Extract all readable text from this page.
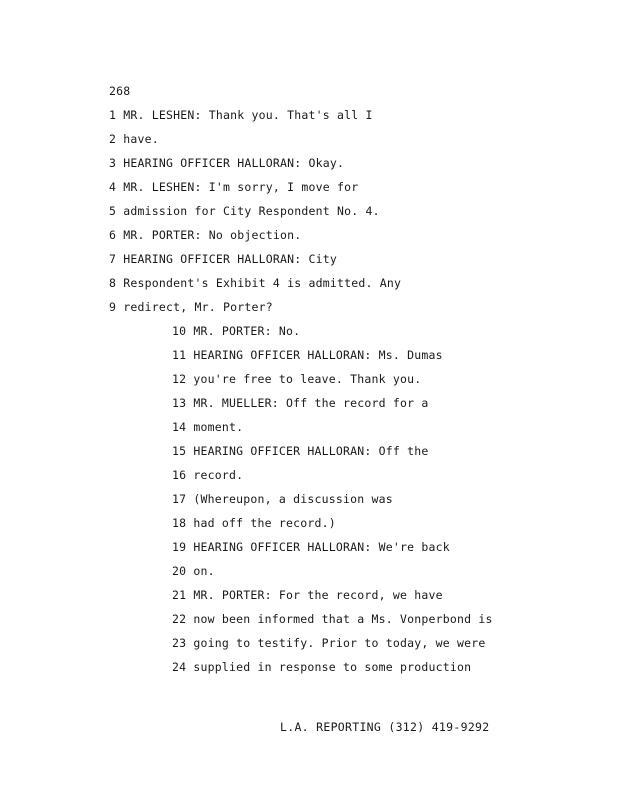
268
1 MR. LESHEN: Thank you. That's all I
2 have.
3 HEARING OFFICER HALLORAN: Okay.
4 MR. LESHEN: I'm sorry, I move for
5 admission for City Respondent No. 4.
6 MR. PORTER: No objection.
7 HEARING OFFICER HALLORAN: City
8 Respondent's Exhibit 4 is admitted. Any
9 redirect, Mr. Porter?
10 MR. PORTER: No.
11 HEARING OFFICER HALLORAN: Ms. Dumas
12 you're free to leave. Thank you.
13 MR. MUELLER: Off the record for a
14 moment.
15 HEARING OFFICER HALLORAN: Off the
16 record.
17 (Whereupon, a discussion was
18 had off the record.)
19 HEARING OFFICER HALLORAN: We're back
20 on.
21 MR. PORTER: For the record, we have
22 now been informed that a Ms. Vonperbond is
23 going to testify. Prior to today, we were
24 supplied in response to some production
L.A. REPORTING (312) 419-9292
